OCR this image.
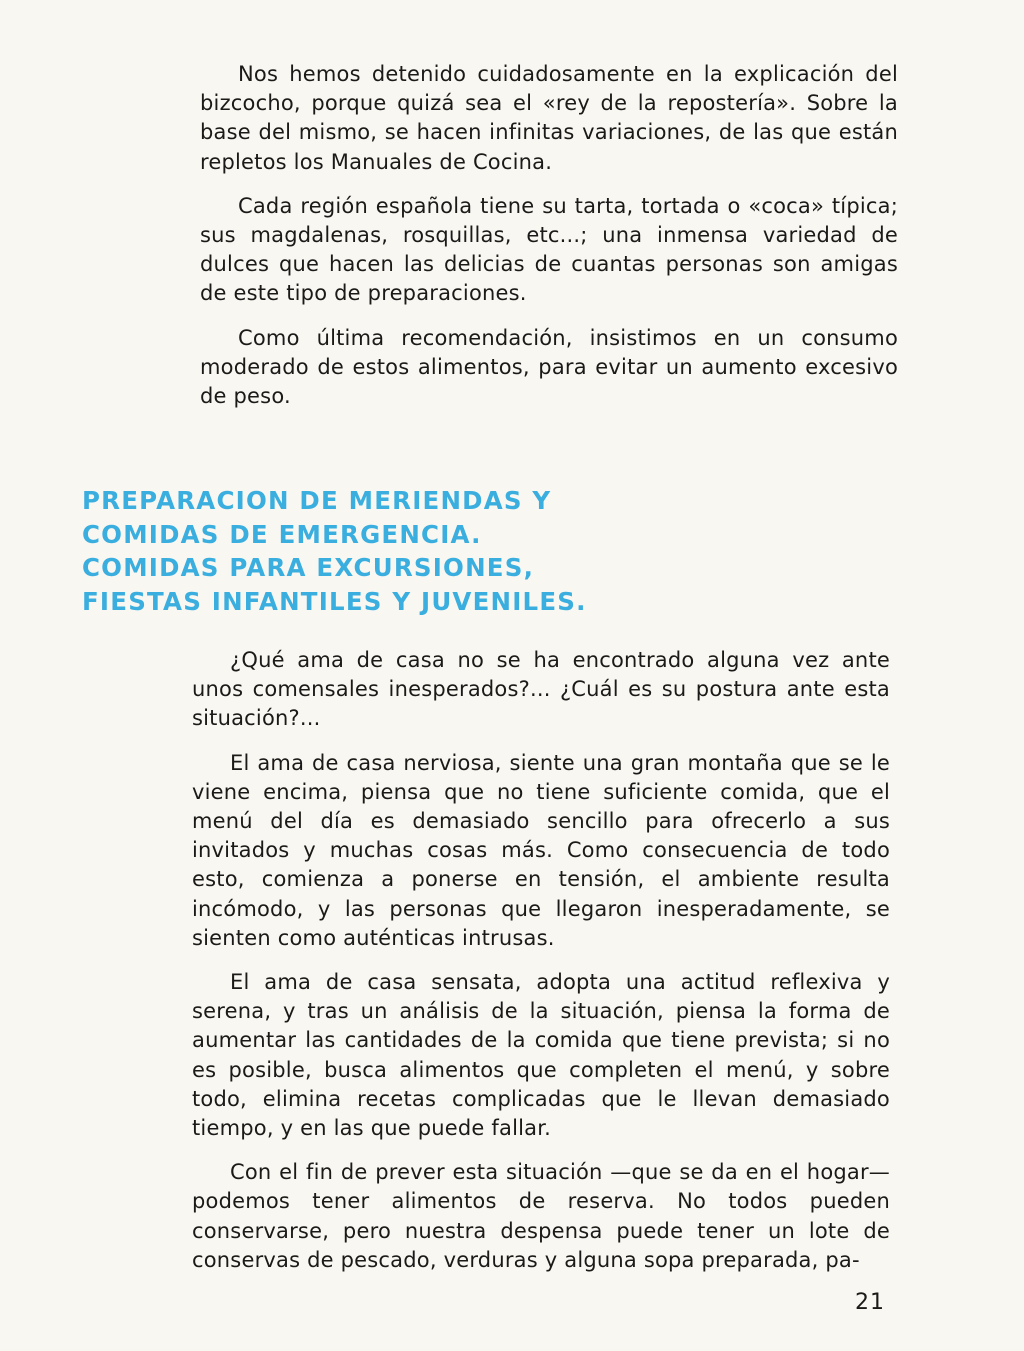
Nos hemos detenido cuidadosamente en la explicación del bizcocho, porque quizá sea el «rey de la repostería». Sobre la base del mismo, se hacen infinitas variaciones, de las que están repletos los Manuales de Cocina.

Cada región española tiene su tarta, tortada o «coca» típica; sus magdalenas, rosquillas, etc...; una inmensa variedad de dulces que hacen las delicias de cuantas personas son amigas de este tipo de preparaciones.

Como última recomendación, insistimos en un consumo moderado de estos alimentos, para evitar un aumento excesivo de peso.

PREPARACION DE MERIENDAS Y
COMIDAS DE EMERGENCIA.
COMIDAS PARA EXCURSIONES,
FIESTAS INFANTILES Y JUVENILES.

¿Qué ama de casa no se ha encontrado alguna vez ante unos comensales inesperados?... ¿Cuál es su postura ante esta situación?...

El ama de casa nerviosa, siente una gran montaña que se le viene encima, piensa que no tiene suficiente comida, que el menú del día es demasiado sencillo para ofrecerlo a sus invitados y muchas cosas más. Como consecuencia de todo esto, comienza a ponerse en tensión, el ambiente resulta incómodo, y las personas que llegaron inesperadamente, se sienten como auténticas intrusas.

El ama de casa sensata, adopta una actitud reflexiva y serena, y tras un análisis de la situación, piensa la forma de aumentar las cantidades de la comida que tiene prevista; si no es posible, busca alimentos que completen el menú, y sobre todo, elimina recetas complicadas que le llevan demasiado tiempo, y en las que puede fallar.

Con el fin de prever esta situación —que se da en el hogar— podemos tener alimentos de reserva. No todos pueden conservarse, pero nuestra despensa puede tener un lote de conservas de pescado, verduras y alguna sopa preparada, pa-

21
